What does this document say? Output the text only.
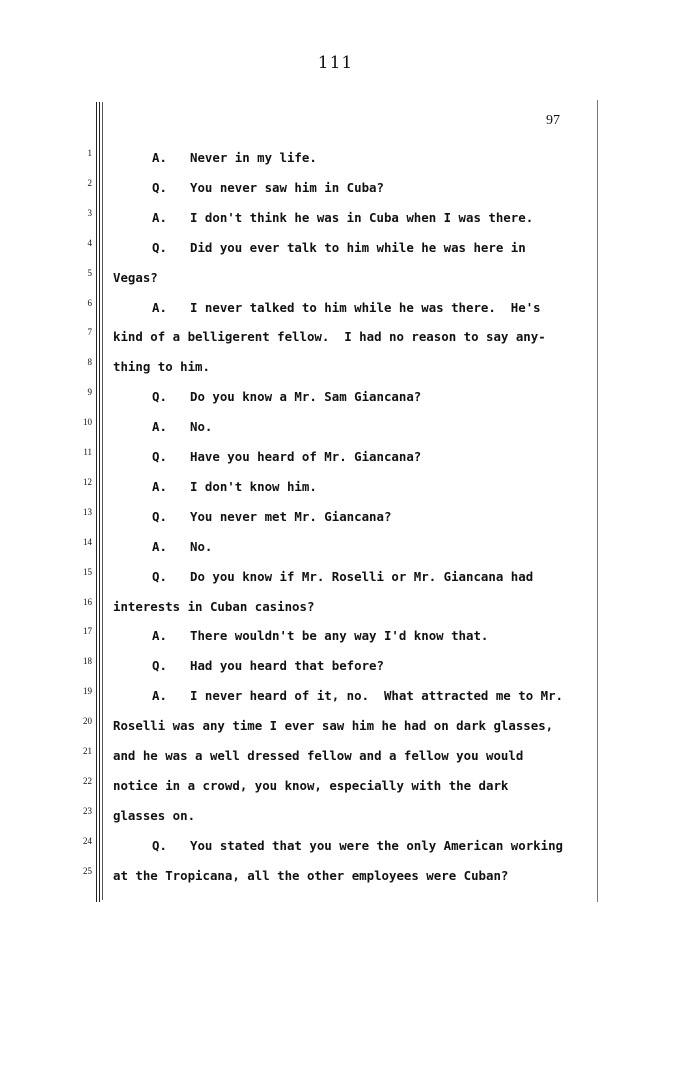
111
97
1
2
3
4
5
6
7
8
9
10
11
12
13
14
15
16
17
18
19
20
21
22
23
24
25
A. Never in my life.
Q. You never saw him in Cuba?
A. I don't think he was in Cuba when I was there.
Q. Did you ever talk to him while he was here in
Vegas?
A. I never talked to him while he was there.  He's
kind of a belligerent fellow.  I had no reason to say any-
thing to him.
Q. Do you know a Mr. Sam Giancana?
A. No.
Q. Have you heard of Mr. Giancana?
A. I don't know him.
Q. You never met Mr. Giancana?
A. No.
Q. Do you know if Mr. Roselli or Mr. Giancana had
interests in Cuban casinos?
A. There wouldn't be any way I'd know that.
Q. Had you heard that before?
A. I never heard of it, no.  What attracted me to Mr.
Roselli was any time I ever saw him he had on dark glasses,
and he was a well dressed fellow and a fellow you would
notice in a crowd, you know, especially with the dark
glasses on.
Q. You stated that you were the only American working
at the Tropicana, all the other employees were Cuban?
